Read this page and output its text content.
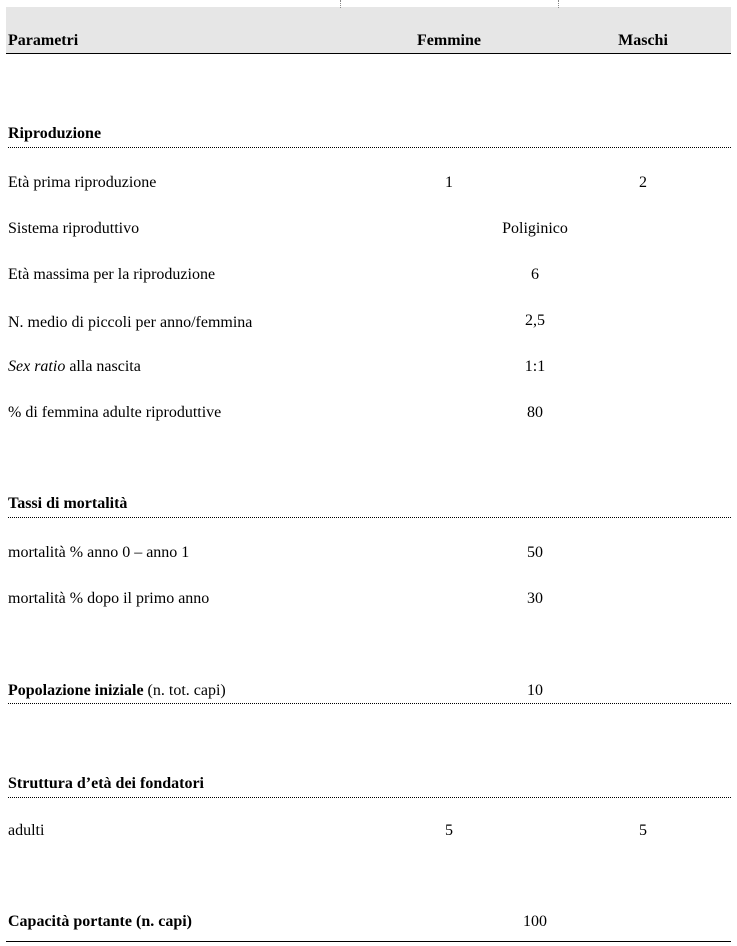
Parametri	Femmine	Maschi
Riproduzione
Età prima riproduzione	1	2
Sistema riproduttivo	Poliginico
Età massima per la riproduzione	6
N. medio di piccoli per anno/femmina	2,5
Sex ratio alla nascita	1:1
% di femmina adulte riproduttive	80
Tassi di mortalità
mortalità % anno 0 – anno 1	50
mortalità % dopo il primo anno	30
Popolazione iniziale (n. tot. capi)	10
Struttura d’età dei fondatori
adulti	5	5
Capacità portante (n. capi)	100
